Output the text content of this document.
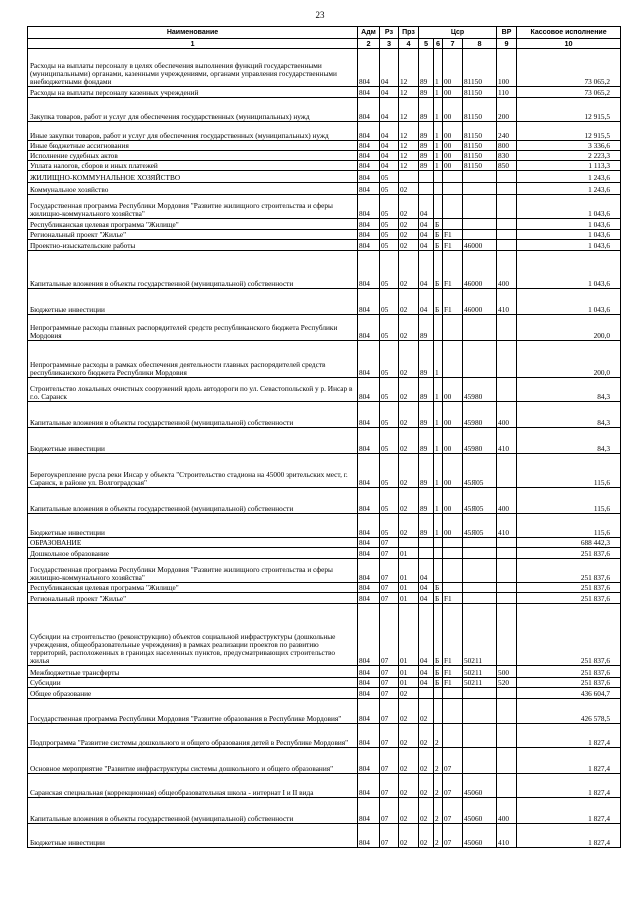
23
Наименование	Адм	Рз	Прз	Цср				ВР	Кассовое исполнение
1	2	3	4	5	6	7	8	9	10
Расходы на выплаты персоналу в целях обеспечения выполнения функций государственными (муниципальными) органами, казенными учреждениями, органами управления государственными внебюджетными фондами	804	04	12	89	1	00	81150	100	73 065,2
Расходы на выплаты персоналу казенных учреждений	804	04	12	89	1	00	81150	110	73 065,2
Закупка товаров, работ и услуг для обеспечения государственных (муниципальных) нужд	804	04	12	89	1	00	81150	200	12 915,5
Иные закупки товаров, работ и услуг для обеспечения государственных (муниципальных) нужд	804	04	12	89	1	00	81150	240	12 915,5
Иные бюджетные ассигнования	804	04	12	89	1	00	81150	800	3 336,6
Исполнение судебных актов	804	04	12	89	1	00	81150	830	2 223,3
Уплата налогов, сборов и иных платежей	804	04	12	89	1	00	81150	850	1 113,3
ЖИЛИЩНО-КОММУНАЛЬНОЕ ХОЗЯЙСТВО	804	05							1 243,6
Коммунальное хозяйство	804	05	02						1 243,6
Государственная программа Республики Мордовия "Развитие жилищного строительства и сферы жилищно-коммунального хозяйства"	804	05	02	04					1 043,6
Республиканская целевая программа "Жилище"	804	05	02	04	Б				1 043,6
Региональный проект "Жилье"	804	05	02	04	Б	F1			1 043,6
Проектно-изыскательские работы	804	05	02	04	Б	F1	46000		1 043,6
Капитальные вложения в объекты государственной (муниципальной) собственности	804	05	02	04	Б	F1	46000	400	1 043,6
Бюджетные инвестиции	804	05	02	04	Б	F1	46000	410	1 043,6
Непрограммные расходы главных распорядителей средств республиканского бюджета Республики Мордовия	804	05	02	89					200,0
Непрограммные расходы в рамках обеспечения деятельности главных распорядителей средств республиканского бюджета Республики Мордовия	804	05	02	89	1				200,0
Строительство локальных очистных сооружений вдоль автодороги по ул. Севастопольской у р. Инсар в г.о. Саранск	804	05	02	89	1	00	45980		84,3
Капитальные вложения в объекты государственной (муниципальной) собственности	804	05	02	89	1	00	45980	400	84,3
Бюджетные инвестиции	804	05	02	89	1	00	45980	410	84,3
Берегоукрепление русла реки Инсар у объекта "Строительство стадиона на 45000 зрительских мест, г. Саранск, в районе ул. Волгоградская"	804	05	02	89	1	00	45Я05		115,6
Капитальные вложения в объекты государственной (муниципальной) собственности	804	05	02	89	1	00	45Я05	400	115,6
Бюджетные инвестиции	804	05	02	89	1	00	45Я05	410	115,6
ОБРАЗОВАНИЕ	804	07							688 442,3
Дошкольное образование	804	07	01						251 837,6
Государственная программа Республики Мордовия "Развитие жилищного строительства и сферы жилищно-коммунального хозяйства"	804	07	01	04					251 837,6
Республиканская целевая программа "Жилище"	804	07	01	04	Б				251 837,6
Региональный проект "Жилье"	804	07	01	04	Б	F1			251 837,6
Субсидии на строительство (реконструкцию) объектов социальной инфраструктуры (дошкольные учреждения, общеобразовательные учреждения) в рамках реализации проектов по развитию территорий, расположенных в границах населенных пунктов, предусматривающих строительство жилья	804	07	01	04	Б	F1	50211		251 837,6
Межбюджетные трансферты	804	07	01	04	Б	F1	50211	500	251 837,6
Субсидии	804	07	01	04	Б	F1	50211	520	251 837,6
Общее образование	804	07	02						436 604,7
Государственная программа Республики Мордовия "Развитие образования в Республике Мордовия"	804	07	02	02					426 578,5
Подпрограмма "Развитие системы дошкольного и общего образования детей в Республике Мордовия"	804	07	02	02	2				1 827,4
Основное мероприятие "Развитие инфраструктуры системы дошкольного и общего образования"	804	07	02	02	2	07			1 827,4
Саранская специальная (коррекционная) общеобразовательная школа - интернат I и II вида	804	07	02	02	2	07	45060		1 827,4
Капитальные вложения в объекты государственной (муниципальной) собственности	804	07	02	02	2	07	45060	400	1 827,4
Бюджетные инвестиции	804	07	02	02	2	07	45060	410	1 827,4
